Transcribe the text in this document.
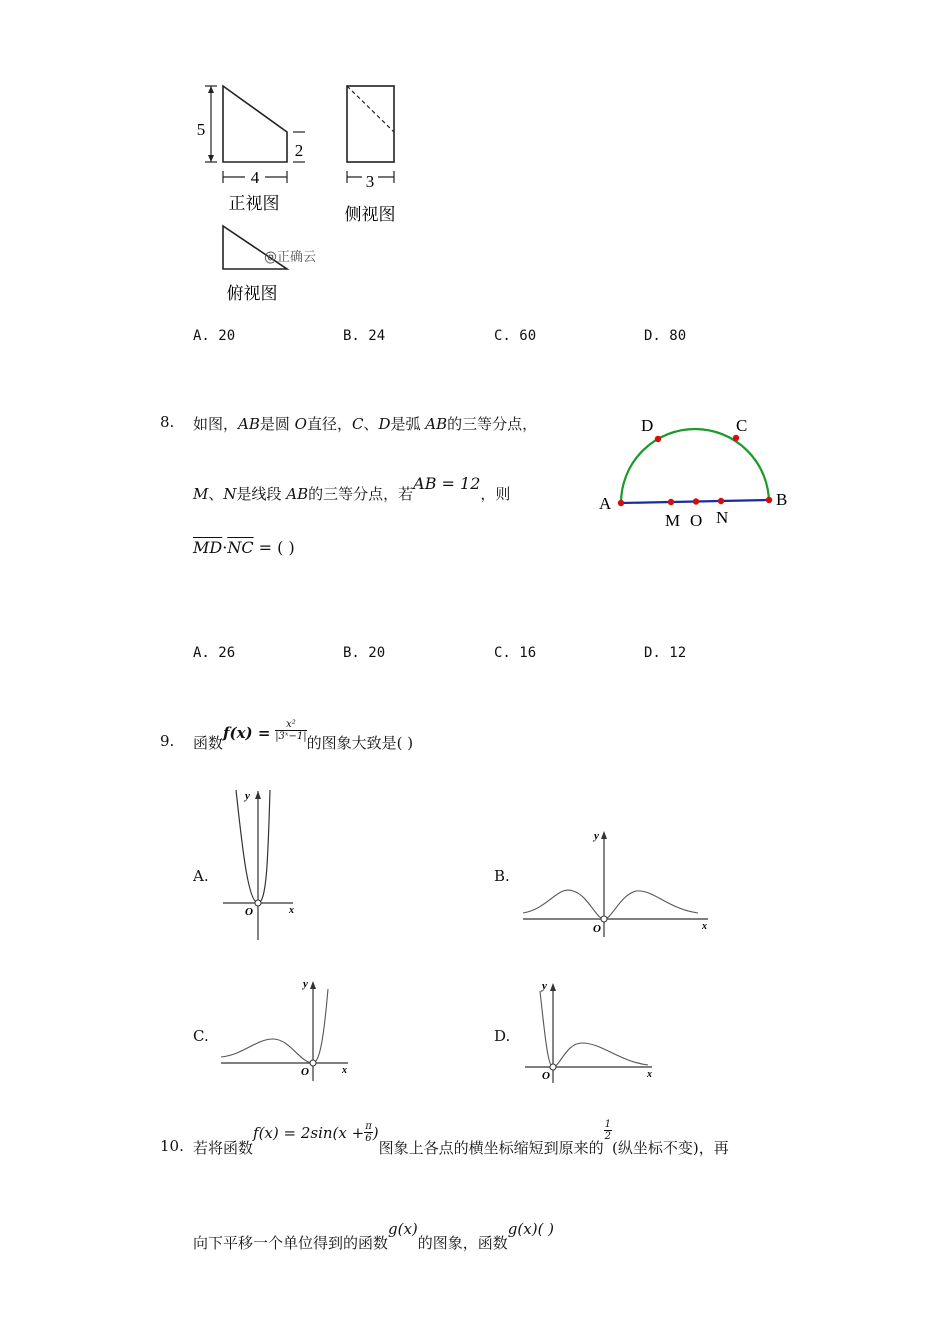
5
2
4
正视图
3
侧视图
@正确云
俯视图
A. 20	B. 24	C. 60	D. 80
8. 如图，AB是圆 O直径，C、D是弧 AB的三等分点，
M、N是线段 AB的三等分点，若AB = 12，则
$\overline{MD}\cdot\overline{NC}$ = ( )
A	B
D	C
M O N
A. 26	B. 20	C. 16	D. 12
9. 函数$f(x) = \frac{\text{x²}}{\text{|3ˣ−1|}}$
的图象大致是( )
A.
y
x
O
B.
y
x
O
C.
y
x
O
D.
y
x
O
10. 若将函数$f(x) = 2\sin(x + \frac{\pi}{6}$ )图象上各点的横坐标缩短到原来的
$\frac{1}{2}$
(纵坐标不变)，再
向下平移一个单位得到的函数g(x)的图象，函数g(x)( )
